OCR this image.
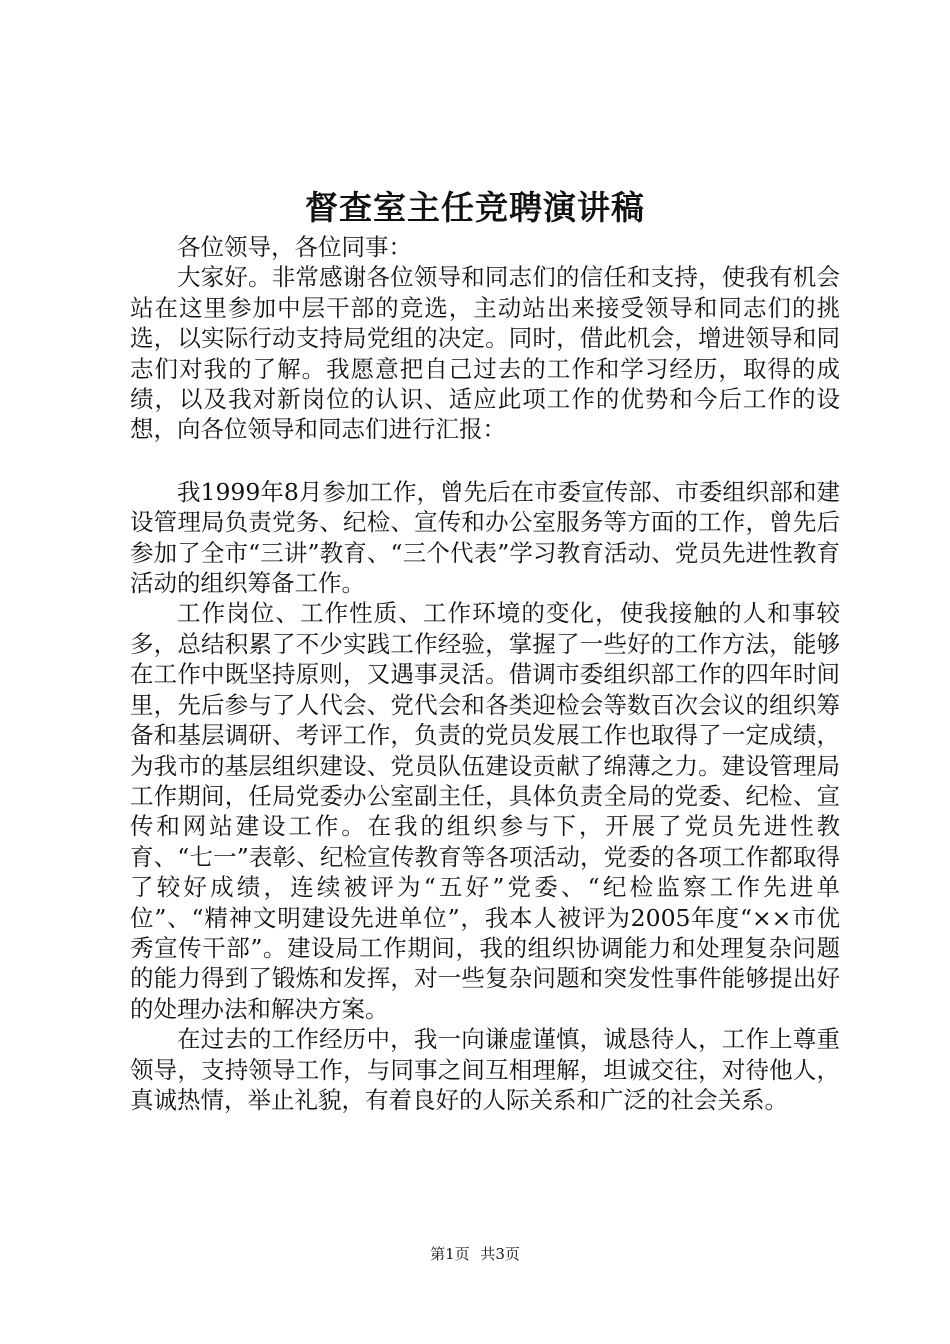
督查室主任竞聘演讲稿

各位领导，各位同事：

大家好。非常感谢各位领导和同志们的信任和支持，使我有机会站在这里参加中层干部的竞选，主动站出来接受领导和同志们的挑选，以实际行动支持局党组的决定。同时，借此机会，增进领导和同志们对我的了解。我愿意把自己过去的工作和学习经历，取得的成绩，以及我对新岗位的认识、适应此项工作的优势和今后工作的设想，向各位领导和同志们进行汇报：

我1999年8月参加工作，曾先后在市委宣传部、市委组织部和建设管理局负责党务、纪检、宣传和办公室服务等方面的工作，曾先后参加了全市“三讲”教育、“三个代表”学习教育活动、党员先进性教育活动的组织筹备工作。

工作岗位、工作性质、工作环境的变化，使我接触的人和事较多，总结积累了不少实践工作经验，掌握了一些好的工作方法，能够在工作中既坚持原则，又遇事灵活。借调市委组织部工作的四年时间里，先后参与了人代会、党代会和各类迎检会等数百次会议的组织筹备和基层调研、考评工作，负责的党员发展工作也取得了一定成绩，为我市的基层组织建设、党员队伍建设贡献了绵薄之力。建设管理局工作期间，任局党委办公室副主任，具体负责全局的党委、纪检、宣传和网站建设工作。在我的组织参与下，开展了党员先进性教育、“七一”表彰、纪检宣传教育等各项活动，党委的各项工作都取得了较好成绩，连续被评为“五好”党委、“纪检监察工作先进单位”、“精神文明建设先进单位”，我本人被评为2005年度“××市优秀宣传干部”。建设局工作期间，我的组织协调能力和处理复杂问题的能力得到了锻炼和发挥，对一些复杂问题和突发性事件能够提出好的处理办法和解决方案。

在过去的工作经历中，我一向谦虚谨慎，诚恳待人，工作上尊重领导，支持领导工作，与同事之间互相理解，坦诚交往，对待他人，真诚热情，举止礼貌，有着良好的人际关系和广泛的社会关系。

第1页 共3页
